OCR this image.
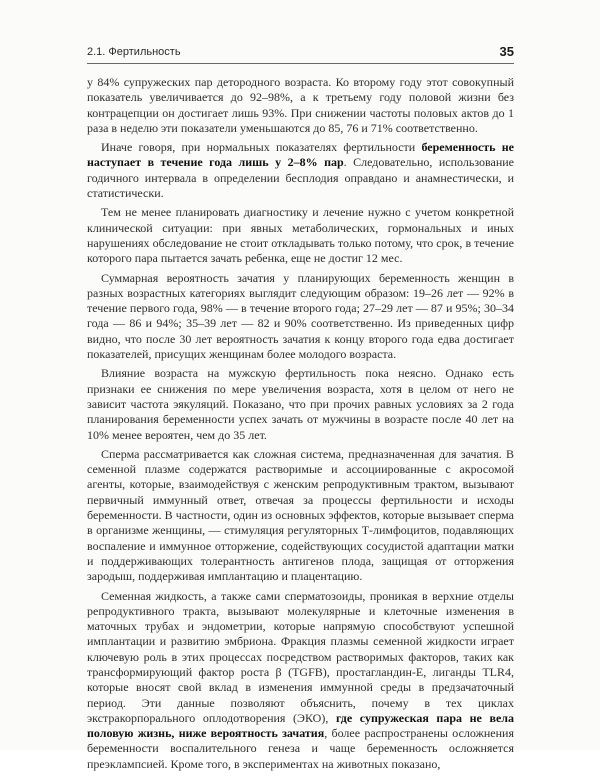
2.1. Фертильность	35

у 84% супружеских пар детородного возраста. Ко второму году этот совокупный показатель увеличивается до 92–98%, а к третьему году половой жизни без контрацепции он достигает лишь 93%. При снижении частоты половых актов до 1 раза в неделю эти показатели уменьшаются до 85, 76 и 71% соответственно.

Иначе говоря, при нормальных показателях фертильности беременность не наступает в течение года лишь у 2–8% пар. Следовательно, использование годичного интервала в определении бесплодия оправдано и анамнестически, и статистически.

Тем не менее планировать диагностику и лечение нужно с учетом конкретной клинической ситуации: при явных метаболических, гормональных и иных нарушениях обследование не стоит откладывать только потому, что срок, в течение которого пара пытается зачать ребенка, еще не достиг 12 мес.

Суммарная вероятность зачатия у планирующих беременность женщин в разных возрастных категориях выглядит следующим образом: 19–26 лет — 92% в течение первого года, 98% — в течение второго года; 27–29 лет — 87 и 95%; 30–34 года — 86 и 94%; 35–39 лет — 82 и 90% соответственно. Из приведенных цифр видно, что после 30 лет вероятность зачатия к концу второго года едва достигает показателей, присущих женщинам более молодого возраста.

Влияние возраста на мужскую фертильность пока неясно. Однако есть признаки ее снижения по мере увеличения возраста, хотя в целом от него не зависит частота эякуляций. Показано, что при прочих равных условиях за 2 года планирования беременности успех зачать от мужчины в возрасте после 40 лет на 10% менее вероятен, чем до 35 лет.

Сперма рассматривается как сложная система, предназначенная для зачатия. В семенной плазме содержатся растворимые и ассоциированные с акросомой агенты, которые, взаимодействуя с женским репродуктивным трактом, вызывают первичный иммунный ответ, отвечая за процессы фертильности и исходы беременности. В частности, один из основных эффектов, которые вызывает сперма в организме женщины, — стимуляция регуляторных Т-лимфоцитов, подавляющих воспаление и иммунное отторжение, содействующих сосудистой адаптации матки и поддерживающих толерантность антигенов плода, защищая от отторжения зародыш, поддерживая имплантацию и плацентацию.

Семенная жидкость, а также сами сперматозоиды, проникая в верхние отделы репродуктивного тракта, вызывают молекулярные и клеточные изменения в маточных трубах и эндометрии, которые напрямую способствуют успешной имплантации и развитию эмбриона. Фракция плазмы семенной жидкости играет ключевую роль в этих процессах посредством растворимых факторов, таких как трансформирующий фактор роста β (TGFB), простагландин-Е, лиганды TLR4, которые вносят свой вклад в изменения иммунной среды в предзачаточный период. Эти данные позволяют объяснить, почему в тех циклах экстракорпорального оплодотворения (ЭКО), где супружеская пара не вела половую жизнь, ниже вероятность зачатия, более распространены осложнения беременности воспалительного генеза и чаще беременность осложняется преэклампсией. Кроме того, в экспериментах на животных показано,
